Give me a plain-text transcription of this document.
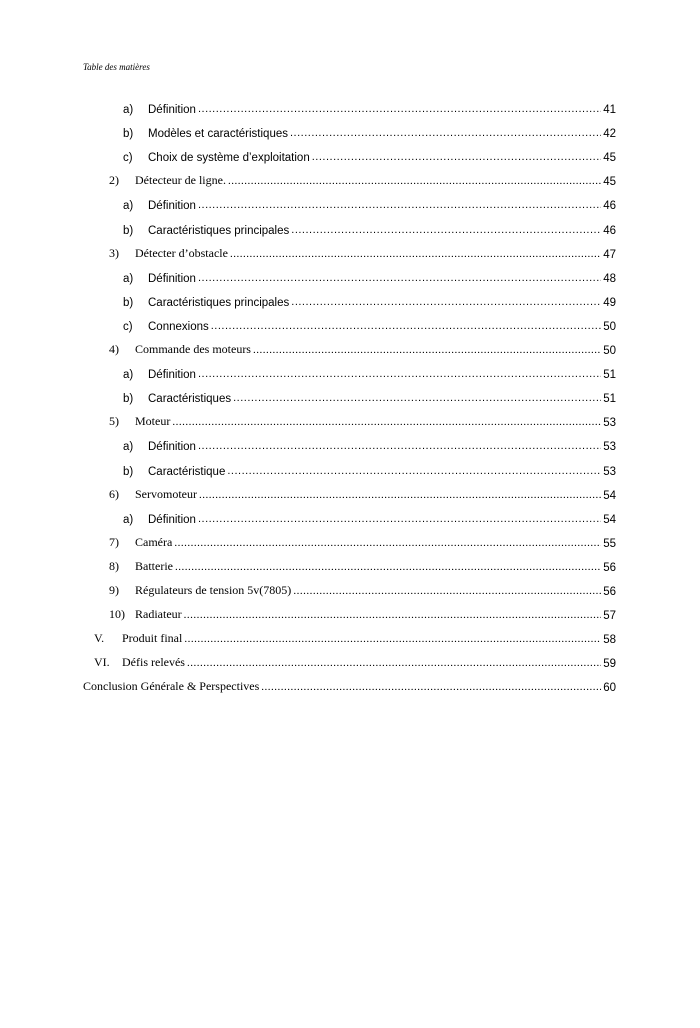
Table des matières
a)	Définition .....	41
b)	Modèles et caractéristiques .....	42
c)	Choix de système d’exploitation .....	45
2)	Détecteur de ligne. .....	45
a)	Définition .....	46
b)	Caractéristiques principales .....	46
3)	Détecter d’obstacle .....	47
a)	Définition .....	48
b)	Caractéristiques principales .....	49
c)	Connexions .....	50
4)	Commande des moteurs .....	50
a)	Définition .....	51
b)	Caractéristiques .....	51
5)	Moteur .....	53
a)	Définition .....	53
b)	Caractéristique .....	53
6)	Servomoteur .....	54
a)	Définition .....	54
7)	Caméra .....	55
8)	Batterie .....	56
9)	Régulateurs de tension 5v(7805) .....	56
10) Radiateur .....	57
V.	Produit final .....	58
VI.	Défis relevés .....	59
Conclusion Générale & Perspectives .....	60
